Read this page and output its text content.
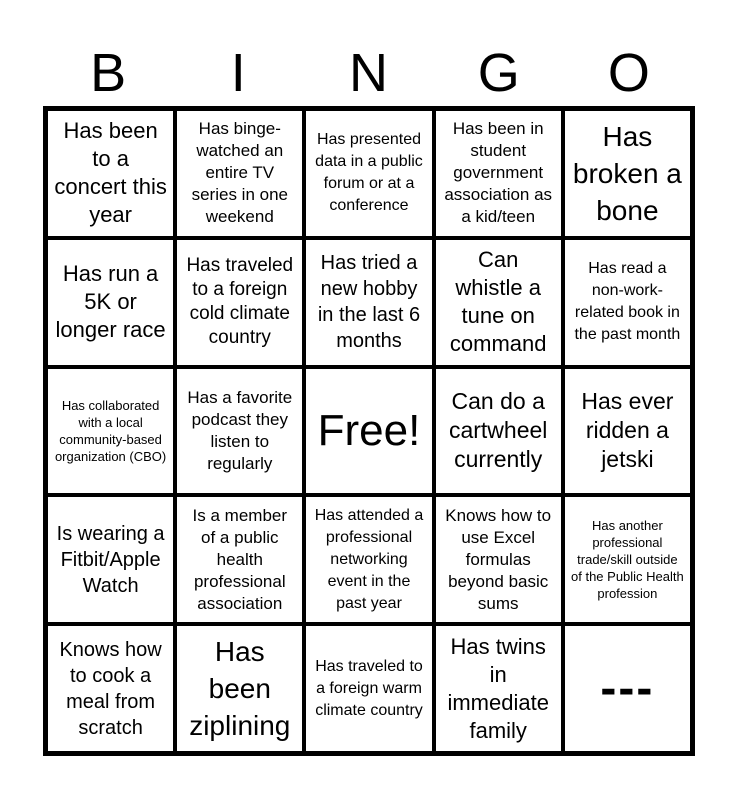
B	I	N	G	O
Has been to a concert this year
Has binge-watched an entire TV series in one weekend
Has presented data in a public forum or at a conference
Has been in student government association as a kid/teen
Has broken a bone
Has run a 5K or longer race
Has traveled to a foreign cold climate country
Has tried a new hobby in the last 6 months
Can whistle a tune on command
Has read a non-work-related book in the past month
Has collaborated with a local community-based organization (CBO)
Has a favorite podcast they listen to regularly
Free!
Can do a cartwheel currently
Has ever ridden a jetski
Is wearing a Fitbit/Apple Watch
Is a member of a public health professional association
Has attended a professional networking event in the past year
Knows how to use Excel formulas beyond basic sums
Has another professional trade/skill outside of the Public Health profession
Knows how to cook a meal from scratch
Has been ziplining
Has traveled to a foreign warm climate country
Has twins in immediate family
---
